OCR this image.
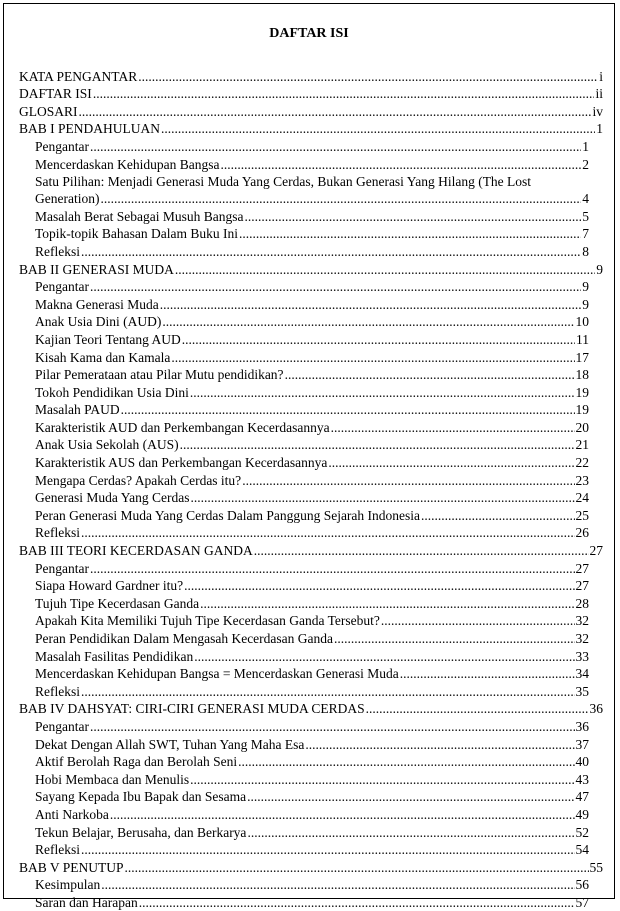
DAFTAR ISI
KATA PENGANTAR .....	i
DAFTAR ISI .....	ii
GLOSARI .....	iv
BAB I PENDAHULUAN .....	1
Pengantar .....	1
Mencerdaskan Kehidupan Bangsa .....	2
Satu Pilihan: Menjadi Generasi Muda Yang Cerdas, Bukan Generasi Yang Hilang (The Lost
Generation) .....	4
Masalah Berat Sebagai Musuh Bangsa .....	5
Topik-topik Bahasan Dalam Buku Ini .....	7
Refleksi .....	8
BAB II GENERASI MUDA .....	9
Pengantar .....	9
Makna Generasi Muda .....	9
Anak Usia Dini (AUD) .....	10
Kajian Teori Tentang AUD .....	11
Kisah Kama dan Kamala .....	17
Pilar Pemerataan atau Pilar Mutu pendidikan? .....	18
Tokoh Pendidikan Usia Dini .....	19
Masalah PAUD .....	19
Karakteristik AUD dan Perkembangan Kecerdasannya .....	20
Anak Usia Sekolah (AUS) .....	21
Karakteristik AUS dan Perkembangan Kecerdasannya .....	22
Mengapa Cerdas? Apakah Cerdas itu? .....	23
Generasi Muda Yang Cerdas .....	24
Peran Generasi Muda Yang Cerdas Dalam Panggung Sejarah Indonesia .....	25
Refleksi .....	26
BAB III TEORI KECERDASAN GANDA .....	27
Pengantar .....	27
Siapa Howard Gardner itu? .....	27
Tujuh Tipe Kecerdasan Ganda .....	28
Apakah Kita Memiliki Tujuh Tipe Kecerdasan Ganda Tersebut? .....	32
Peran Pendidikan Dalam Mengasah Kecerdasan Ganda .....	32
Masalah Fasilitas Pendidikan .....	33
Mencerdaskan Kehidupan Bangsa = Mencerdaskan Generasi Muda .....	34
Refleksi .....	35
BAB IV DAHSYAT: CIRI-CIRI GENERASI MUDA CERDAS .....	36
Pengantar .....	36
Dekat Dengan Allah SWT, Tuhan Yang Maha Esa .....	37
Aktif Berolah Raga dan Berolah Seni .....	40
Hobi Membaca dan Menulis .....	43
Sayang Kepada Ibu Bapak dan Sesama .....	47
Anti Narkoba .....	49
Tekun Belajar, Berusaha, dan Berkarya .....	52
Refleksi .....	54
BAB V PENUTUP .....	55
Kesimpulan .....	56
Saran dan Harapan .....	57
